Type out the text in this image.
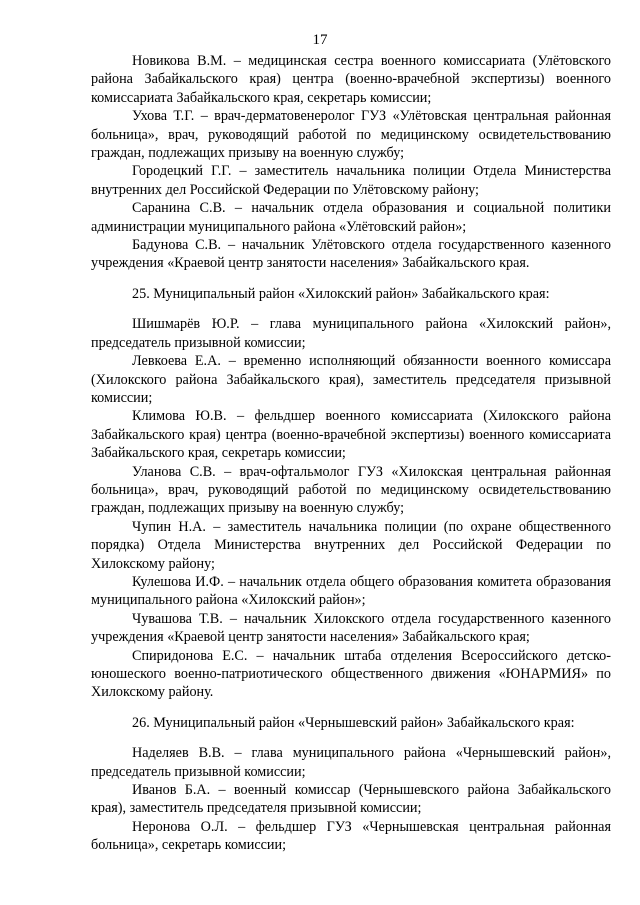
17

Новикова В.М. – медицинская сестра военного комиссариата (Улётовского района Забайкальского края) центра (военно-врачебной экспертизы) военного комиссариата Забайкальского края, секретарь комиссии;

Ухова Т.Г. – врач-дерматовенеролог ГУЗ «Улётовская центральная районная больница», врач, руководящий работой по медицинскому освидетельствованию граждан, подлежащих призыву на военную службу;

Городецкий Г.Г. – заместитель начальника полиции Отдела Министерства внутренних дел Российской Федерации по Улётовскому району;

Саранина С.В. – начальник отдела образования и социальной политики администрации муниципального района «Улётовский район»;

Бадунова С.В. – начальник Улётовского отдела государственного казенного учреждения «Краевой центр занятости населения» Забайкальского края.

25. Муниципальный район «Хилокский район» Забайкальского края:

Шишмарёв Ю.Р. – глава муниципального района «Хилокский район», председатель призывной комиссии;

Левкоева Е.А. – временно исполняющий обязанности военного комиссара (Хилокского района Забайкальского края), заместитель председателя призывной комиссии;

Климова Ю.В. – фельдшер военного комиссариата (Хилокского района Забайкальского края) центра (военно-врачебной экспертизы) военного комиссариата Забайкальского края, секретарь комиссии;

Уланова С.В. – врач-офтальмолог ГУЗ «Хилокская центральная районная больница», врач, руководящий работой по медицинскому освидетельствованию граждан, подлежащих призыву на военную службу;

Чупин Н.А. – заместитель начальника полиции (по охране общественного порядка) Отдела Министерства внутренних дел Российской Федерации по Хилокскому району;

Кулешова И.Ф. – начальник отдела общего образования комитета образования муниципального района «Хилокский район»;

Чувашова Т.В. – начальник Хилокского отдела государственного казенного учреждения «Краевой центр занятости населения» Забайкальского края;

Спиридонова Е.С. – начальник штаба отделения Всероссийского детско-юношеского военно-патриотического общественного движения «ЮНАРМИЯ» по Хилокскому району.

26. Муниципальный район «Чернышевский район» Забайкальского края:

Наделяев В.В. – глава муниципального района «Чернышевский район», председатель призывной комиссии;

Иванов Б.А. – военный комиссар (Чернышевского района Забайкальского края), заместитель председателя призывной комиссии;

Неронова О.Л. – фельдшер ГУЗ «Чернышевская центральная районная больница», секретарь комиссии;
